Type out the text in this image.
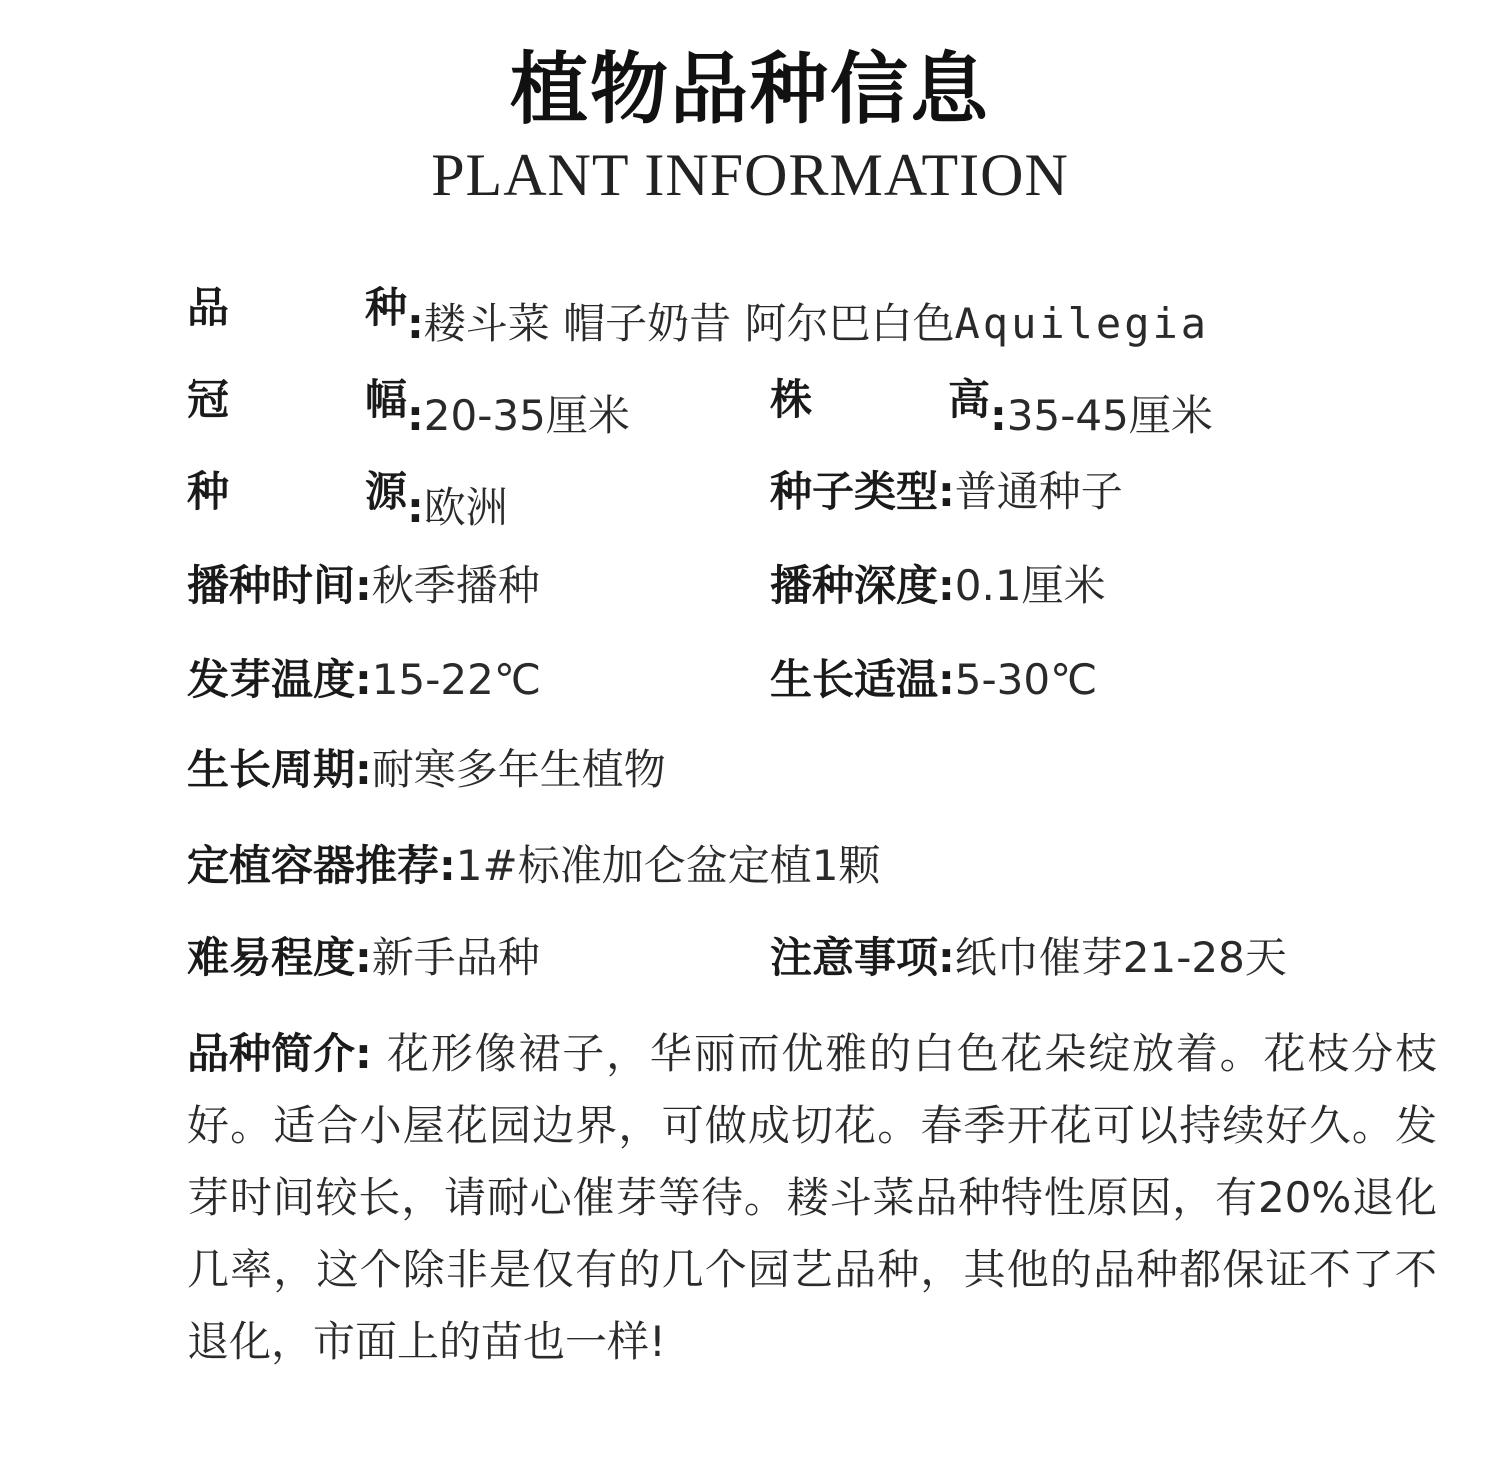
植物品种信息
PLANT INFORMATION
品	种 :耧斗菜 帽子奶昔 阿尔巴白色Aquilegia
冠	幅 :20-35厘米	株	高 :35-45厘米
种	源 :欧洲	种子类型:普通种子
播种时间:秋季播种	播种深度:0.1厘米
发芽温度:15-22℃	生长适温:5-30℃
生长周期:耐寒多年生植物
定植容器推荐:1#标准加仑盆定植1颗
难易程度:新手品种	注意事项:纸巾催芽21-28天
品种简介: 花形像裙子，华丽而优雅的白色花朵绽放着。花枝分枝好。适合小屋花园边界，可做成切花。春季开花可以持续好久。发芽时间较长，请耐心催芽等待。耧斗菜品种特性原因，有20%退化几率，这个除非是仅有的几个园艺品种，其他的品种都保证不了不退化，市面上的苗也一样!
